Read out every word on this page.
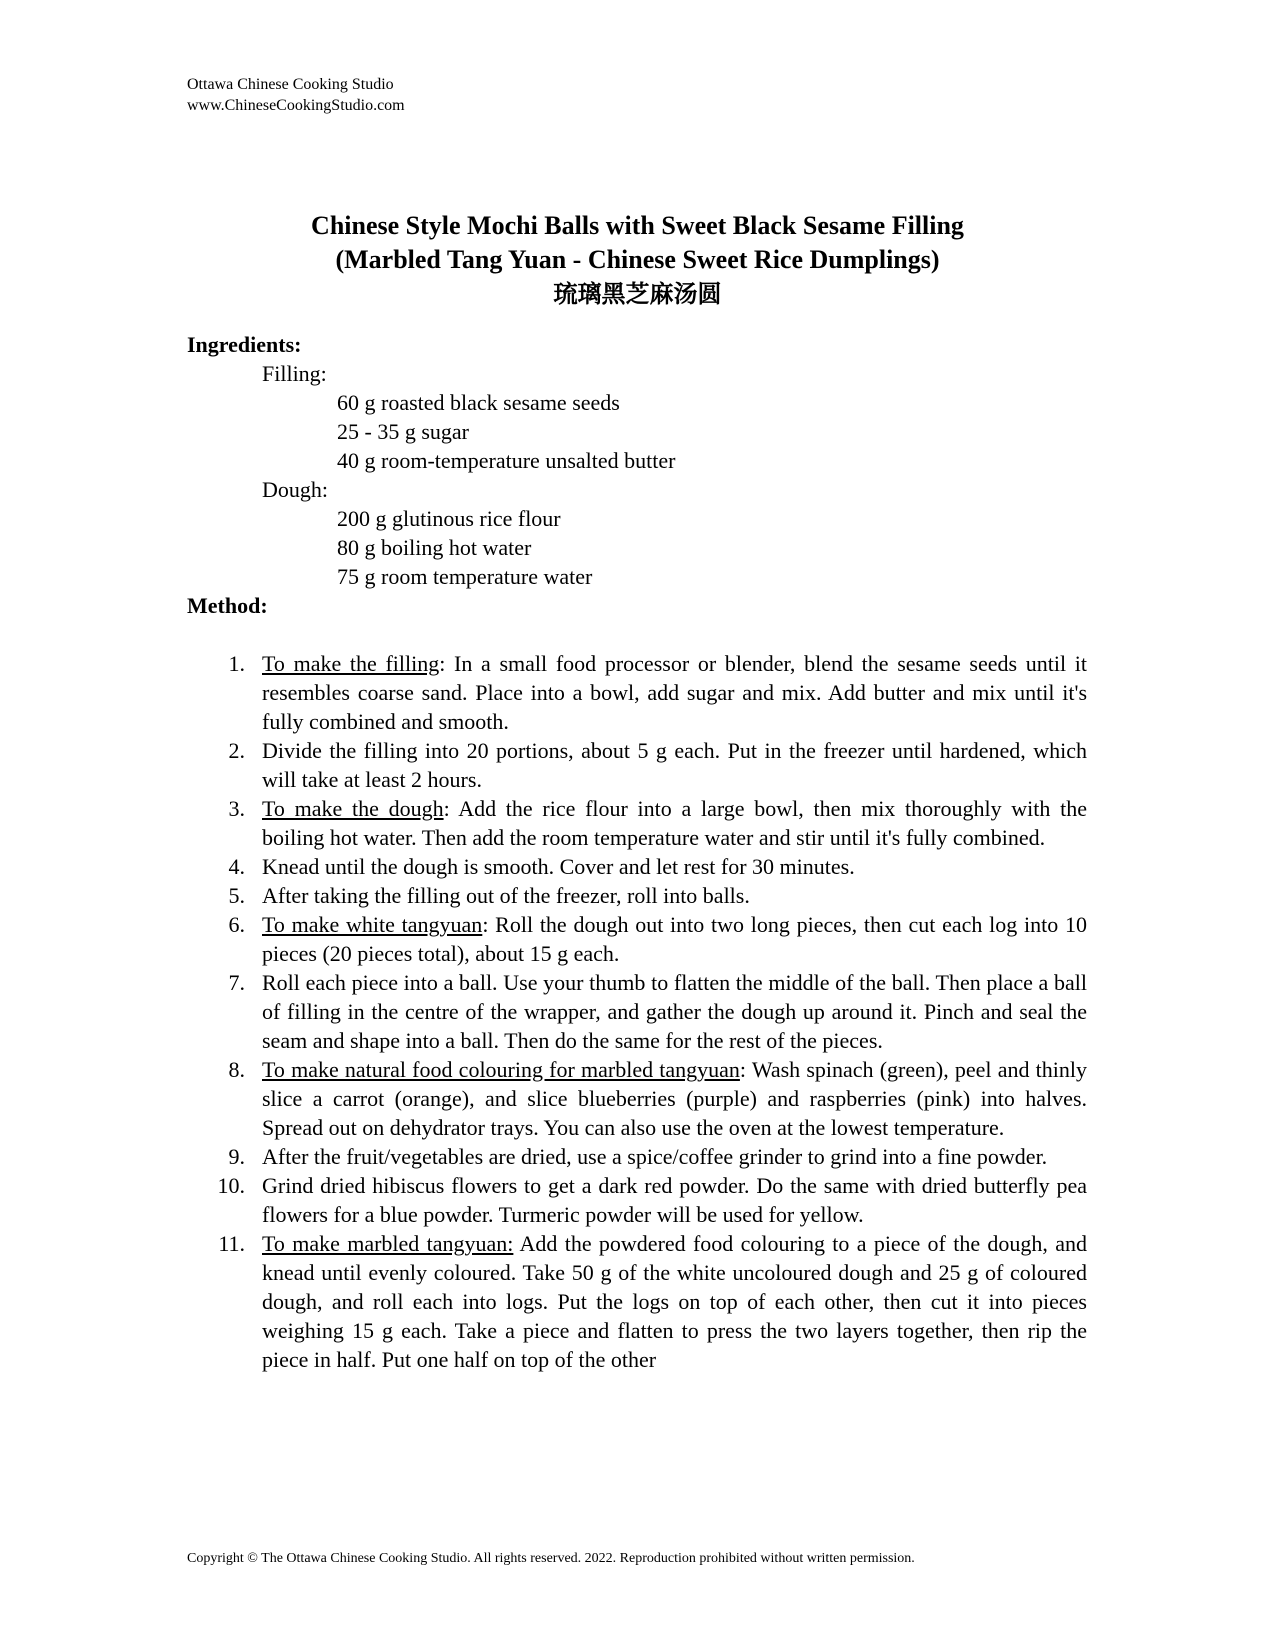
Ottawa Chinese Cooking Studio
www.ChineseCookingStudio.com
Chinese Style Mochi Balls with Sweet Black Sesame Filling
(Marbled Tang Yuan - Chinese Sweet Rice Dumplings)
琉璃黑芝麻汤圆
Ingredients:
Filling:
60 g roasted black sesame seeds
25 - 35 g sugar
40 g room-temperature unsalted butter
Dough:
200 g glutinous rice flour
80 g boiling hot water
75 g room temperature water
Method:
1. To make the filling: In a small food processor or blender, blend the sesame seeds until it resembles coarse sand. Place into a bowl, add sugar and mix. Add butter and mix until it's fully combined and smooth.
2. Divide the filling into 20 portions, about 5 g each. Put in the freezer until hardened, which will take at least 2 hours.
3. To make the dough: Add the rice flour into a large bowl, then mix thoroughly with the boiling hot water. Then add the room temperature water and stir until it's fully combined.
4. Knead until the dough is smooth. Cover and let rest for 30 minutes.
5. After taking the filling out of the freezer, roll into balls.
6. To make white tangyuan: Roll the dough out into two long pieces, then cut each log into 10 pieces (20 pieces total), about 15 g each.
7. Roll each piece into a ball. Use your thumb to flatten the middle of the ball. Then place a ball of filling in the centre of the wrapper, and gather the dough up around it. Pinch and seal the seam and shape into a ball. Then do the same for the rest of the pieces.
8. To make natural food colouring for marbled tangyuan: Wash spinach (green), peel and thinly slice a carrot (orange), and slice blueberries (purple) and raspberries (pink) into halves. Spread out on dehydrator trays. You can also use the oven at the lowest temperature.
9. After the fruit/vegetables are dried, use a spice/coffee grinder to grind into a fine powder.
10. Grind dried hibiscus flowers to get a dark red powder. Do the same with dried butterfly pea flowers for a blue powder. Turmeric powder will be used for yellow.
11. To make marbled tangyuan: Add the powdered food colouring to a piece of the dough, and knead until evenly coloured. Take 50 g of the white uncoloured dough and 25 g of coloured dough, and roll each into logs. Put the logs on top of each other, then cut it into pieces weighing 15 g each. Take a piece and flatten to press the two layers together, then rip the piece in half. Put one half on top of the other
Copyright © The Ottawa Chinese Cooking Studio. All rights reserved. 2022. Reproduction prohibited without written permission.
